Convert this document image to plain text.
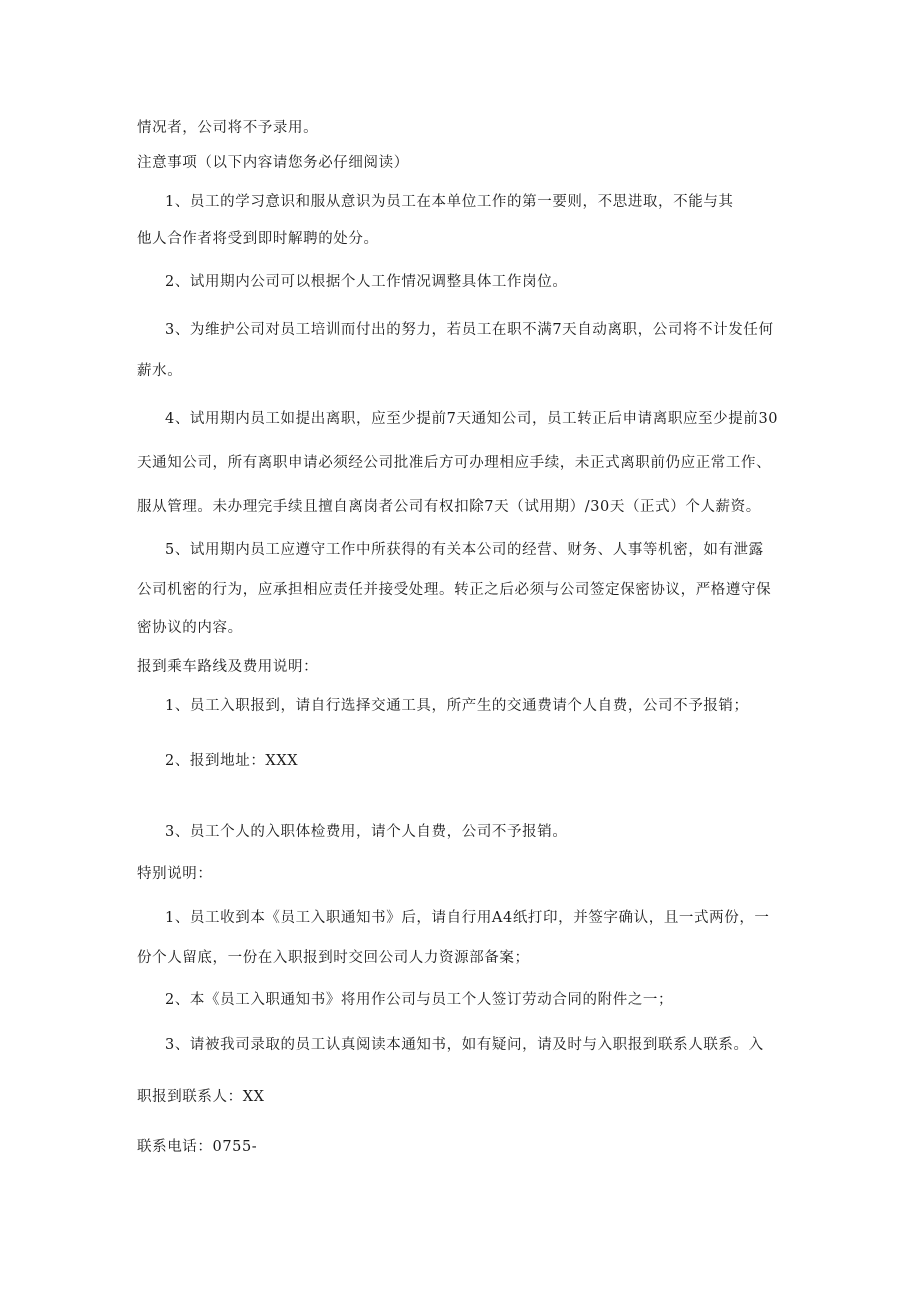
情况者，公司将不予录用。
注意事项（以下内容请您务必仔细阅读）
1、员工的学习意识和服从意识为员工在本单位工作的第一要则，不思进取，不能与其
他人合作者将受到即时解聘的处分。
2、试用期内公司可以根据个人工作情况调整具体工作岗位。
3、为维护公司对员工培训而付出的努力，若员工在职不满7天自动离职，公司将不计发任何
薪水。
4、试用期内员工如提出离职，应至少提前7天通知公司，员工转正后申请离职应至少提前30
天通知公司，所有离职申请必须经公司批准后方可办理相应手续，未正式离职前仍应正常工作、
服从管理。未办理完手续且擅自离岗者公司有权扣除7天（试用期）/30天（正式）个人薪资。
5、试用期内员工应遵守工作中所获得的有关本公司的经营、财务、人事等机密，如有泄露
公司机密的行为，应承担相应责任并接受处理。转正之后必须与公司签定保密协议，严格遵守保
密协议的内容。
报到乘车路线及费用说明：
1、员工入职报到，请自行选择交通工具，所产生的交通费请个人自费，公司不予报销；
2、报到地址：XXX
3、员工个人的入职体检费用，请个人自费，公司不予报销。
特别说明：
1、员工收到本《员工入职通知书》后，请自行用A4纸打印，并签字确认，且一式两份，一
份个人留底，一份在入职报到时交回公司人力资源部备案；
2、本《员工入职通知书》将用作公司与员工个人签订劳动合同的附件之一；
3、请被我司录取的员工认真阅读本通知书，如有疑问，请及时与入职报到联系人联系。入
职报到联系人：XX
联系电话：0755-
